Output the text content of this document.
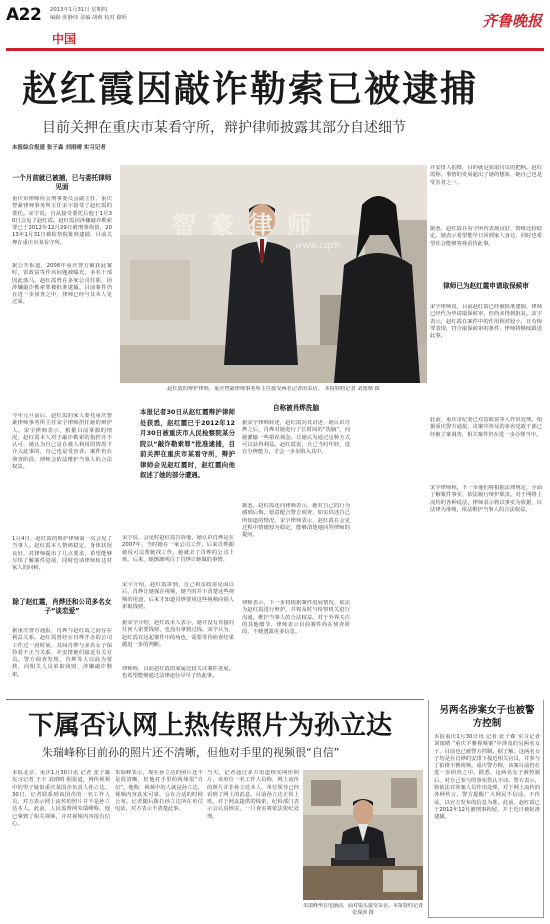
A22 2013年1月31日 星期四
编辑 张静伟 美编 胡莉 校对 路昕	齐鲁晚报
中国
赵红霞因敲诈勒索已被逮捕
目前关押在重庆市某看守所，辩护律师披露其部分自述细节
本报综合报道 张子森 刘雨晴 实习记者
一个月前就已被捕，已与委托律师见面
重庆市律师协会刑事委员会副主任、重庆智豪律师事务所主任宋宇接受了赵红霞的委托。宋宇说，自从接受委托后他于1月30日会见了赵红霞。赵红霞因涉嫌敲诈勒索罪已于2012年12月29日被刑事拘留，2013年1月31日被检察院批准逮捕，目前关押在重庆市某看守所。
据公开报道，2008年重庆警方破获此案时，雷政富等作风问题被曝光，多名干部因此落马。赵红霞曾在多家公司任职，因涉嫌敲诈勒索罪被批准逮捕。目前案件仍在进一步侦查之中，律师已经与其本人见过面。
今年元旦前后，赵红霞的家人委托重庆智豪律师事务所主任宋宇律师担任她的辩护人。宋宇律师表示，根据目前掌握的情况，赵红霞本人对于敲诈勒索的指控并不认可，她认为自己是在被人利用的情况下介入此事的，自己也是受害者。案件仍在侦查阶段，律师会依法维护当事人的合法权益。
1月4日，赵红霞的辩护律师第一次会见了当事人。赵红霞本人情绪稳定，身体状况良好，对律师提出了几点要求，希望能够尽快了解案件进展，同时也请律师转达对家人的问候。
除了赵红霞，肖烨还和公司多名女子“谈恋爱”
据重庆警方通报，肖烨与赵红霞之间存在利益关系。赵红霞曾经在肖烨开办的公司工作过一段时间，其间肖烨与多名女子保持着不正当关系，并安排她们接近有关官员。警方调查发现，肖烨等人以此为要挟，向相关人员索取钱财，涉嫌敲诈勒索。
智 豪 律 师
www.cqzh
赵红霞的辩护律师，重庆智豪律师事务所主任接受两名记者的采访。 本报特约记者 刘雨晴 摄
本报记者30日从赵红霞辩护律师处获悉，赵红霞已于2012年12月30日被重庆市人民检察院某分院以“敲诈勒索罪”批准逮捕，目前关押在重庆市某看守所，辩护律师会见赵红霞时，赵红霞向他叙述了她的部分遭遇。
宋宇说，会见时赵红霞告诉他，她认识肖烨是在2007年，当时她在一家公司工作，后来肖烨跟她说可以帮她找工作，她就去了肖烨的公司上班。后来，她渐渐明白了肖烨让她做的事情。
宋宇介绍，赵红霞讲到，自己和雷政富见面以后，肖烨让她保存视频，她当时并不清楚这些视频的用途，后来才知道肖烨要用这些视频向别人索取钱财。
据宋宇介绍，赵红霞本人表示，她并没有直接向任何人索要钱财，也没有拿到过钱。宋宇认为，赵红霞在这起案件中的角色，需要等待侦查结果做进一步的判断。
律师称，目前赵红霞的家属比较关注案件进展，也希望能够通过法律途径尽早了结此事。
自称被肖烨洗脑
据宋宇律师转述，赵红霞向其讲述，她认识肖烨之后，肖烨对她进行了长时间的“洗脑”，向她灌输一些错误观念，让她认为通过这种方式可以获得利益。赵红霞说，自己当时年轻，没有分辨能力，才会一步步陷入其中。
据悉，赵红霞还向律师表示，她对自己的行为感到后悔，愿意配合警方调查，如实供述自己所知道的情况。宋宇律师表示，赵红霞在会见过程中情绪较为稳定，能够清楚地回答律师的提问。
律师表示，下一步将根据案件进展情况，依法为赵红霞进行辩护，并将及时与检察机关进行沟通，维护当事人的合法权益。对于外界关注的其他细节，律师表示目前案件尚在侦查阶段，不便透露更多信息。
并安排人拍摄，目的就是获取官员的把柄。赵红霞称，事情的发展超出了她的想象，她自己也是受害者之一。
据悉，赵红霞在看守所内表现良好，情绪比较稳定。她表示希望能早日回到家人身边，同时也希望社会能够客观看待此事。
律师已为赵红霞申请取保候审
宋宇律师说，目前赵红霞已经被批准逮捕，律师已经代为申请取保候审，但尚未得到批复。宋宇表示，赵红霞在案件中的作用相对较小，且有悔罪表现，符合取保候审的条件，律师将继续跟进此事。
此前，重庆市纪委已对雷政富等人作出处理。根据重庆警方通报，该案中涉及的多名党政干部已经被立案调查，相关案件仍在进一步办理当中。
宋宇律师称，下一步他们将根据法律规定，全面了解案件事实，依法履行辩护职责。对于网络上流传的各种说法，律师表示将以事实为依据，以法律为准绳，依法维护当事人的合法权益。
下属否认网上热传照片为孙立达
朱瑞峰称目前孙的照片还不清晰，但他对手里的视频很“自信”
本报北京、重庆1月30日讯 记者 张子森 实习记者 王宇 刘雨晴 据报道，网传视频中的男子疑似重庆某国企负责人孙立达。30日，记者联系到该国企的一名工作人员，对方表示网上流传的照片并不是孙立达本人。此前，人民监督网朱瑞峰称，他已拿到了相关视频，并对视频内容很有信心。
朱瑞峰表示，现在孙立达的照片还不是很清晰，但他对手里的视频很“自信”。他称，视频中的人就是孙立达，视频内容真实可靠，会在合适的时候公布。记者随后拨打孙立达所在单位电话，对方表示不清楚此事。
当天，记者通过多方渠道核实网传照片，该单位一名工作人员称，网上流传的照片并非孙立达本人，单位领导已经看到了网上的消息，目前孙立达正常上班。对于网友提供的线索，纪检部门表示会认真核实，一旦查实将依法依纪处理。
朱瑞峰坐在电脑前，面对镜头接受采访。本报特约记者 张琛涛 摄
另两名涉案女子也被警方控制
本报重庆1月30日讯 记者 张子森 实习记者 刘雨晴 “重庆不雅视频案”中涉及的另两名女子，目前也已被警方控制。据了解，这两名女子均是在肖烨的安排下接近相关官员，并参与了拍摄不雅视频。重庆警方称，该案目前仍在进一步侦查之中。据悉，这两名女子被控制后，对自己参与的事实供认不讳。警方表示，将依法对涉案人员作出处理，对于网上流传的各种传言，警方提醒广大网民不信谣、不传谣，以官方发布的信息为准。此前，赵红霞已于2012年12月被刑事拘留，并于近日被批准逮捕。
